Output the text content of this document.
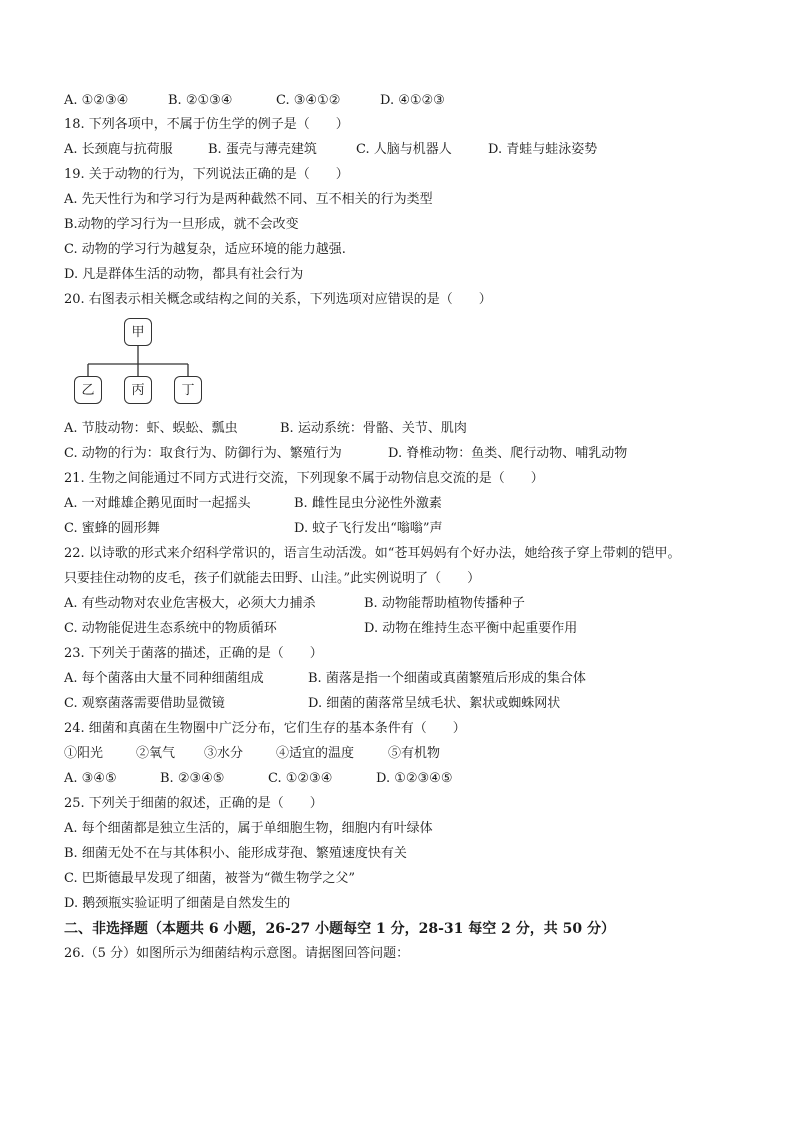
A. ①②③④	B. ②①③④	C. ③④①②	D. ④①②③
18. 下列各项中，不属于仿生学的例子是（　　）
A. 长颈鹿与抗荷服	B. 蛋壳与薄壳建筑	C. 人脑与机器人	D. 青蛙与蛙泳姿势
19. 关于动物的行为，下列说法正确的是（　　）
A. 先天性行为和学习行为是两种截然不同、互不相关的行为类型
B.动物的学习行为一旦形成，就不会改变
C. 动物的学习行为越复杂，适应环境的能力越强.
D. 凡是群体生活的动物，都具有社会行为
20. 右图表示相关概念或结构之间的关系，下列选项对应错误的是（　　）
甲
乙	丙	丁
A. 节肢动物：虾、蜈蚣、瓢虫	B. 运动系统：骨骼、关节、肌肉
C. 动物的行为：取食行为、防御行为、繁殖行为	D. 脊椎动物：鱼类、爬行动物、哺乳动物
21. 生物之间能通过不同方式进行交流，下列现象不属于动物信息交流的是（　　）
A. 一对雌雄企鹅见面时一起摇头	B. 雌性昆虫分泌性外激素
C. 蜜蜂的圆形舞	D. 蚊子飞行发出“嗡嗡”声
22. 以诗歌的形式来介绍科学常识的，语言生动活泼。如“苍耳妈妈有个好办法，她给孩子穿上带刺的铠甲。
只要挂住动物的皮毛，孩子们就能去田野、山洼。”此实例说明了（　　）
A. 有些动物对农业危害极大，必须大力捕杀	B. 动物能帮助植物传播种子
C. 动物能促进生态系统中的物质循环	D. 动物在维持生态平衡中起重要作用
23. 下列关于菌落的描述，正确的是（　　）
A. 每个菌落由大量不同种细菌组成	B. 菌落是指一个细菌或真菌繁殖后形成的集合体
C. 观察菌落需要借助显微镜	D. 细菌的菌落常呈绒毛状、絮状或蜘蛛网状
24. 细菌和真菌在生物圈中广泛分布，它们生存的基本条件有（　　）
①阳光	②氧气 ③水分	④适宜的温度	⑤有机物
A. ③④⑤	B. ②③④⑤	C. ①②③④	D. ①②③④⑤
25. 下列关于细菌的叙述，正确的是（　　）
A. 每个细菌都是独立生活的，属于单细胞生物，细胞内有叶绿体
B. 细菌无处不在与其体积小、能形成芽孢、繁殖速度快有关
C. 巴斯德最早发现了细菌，被誉为“微生物学之父”
D. 鹅颈瓶实验证明了细菌是自然发生的
二、非选择题（本题共 6 小题，26-27 小题每空 1 分，28-31 每空 2 分，共 50 分）
26.（5 分）如图所示为细菌结构示意图。请据图回答问题：
